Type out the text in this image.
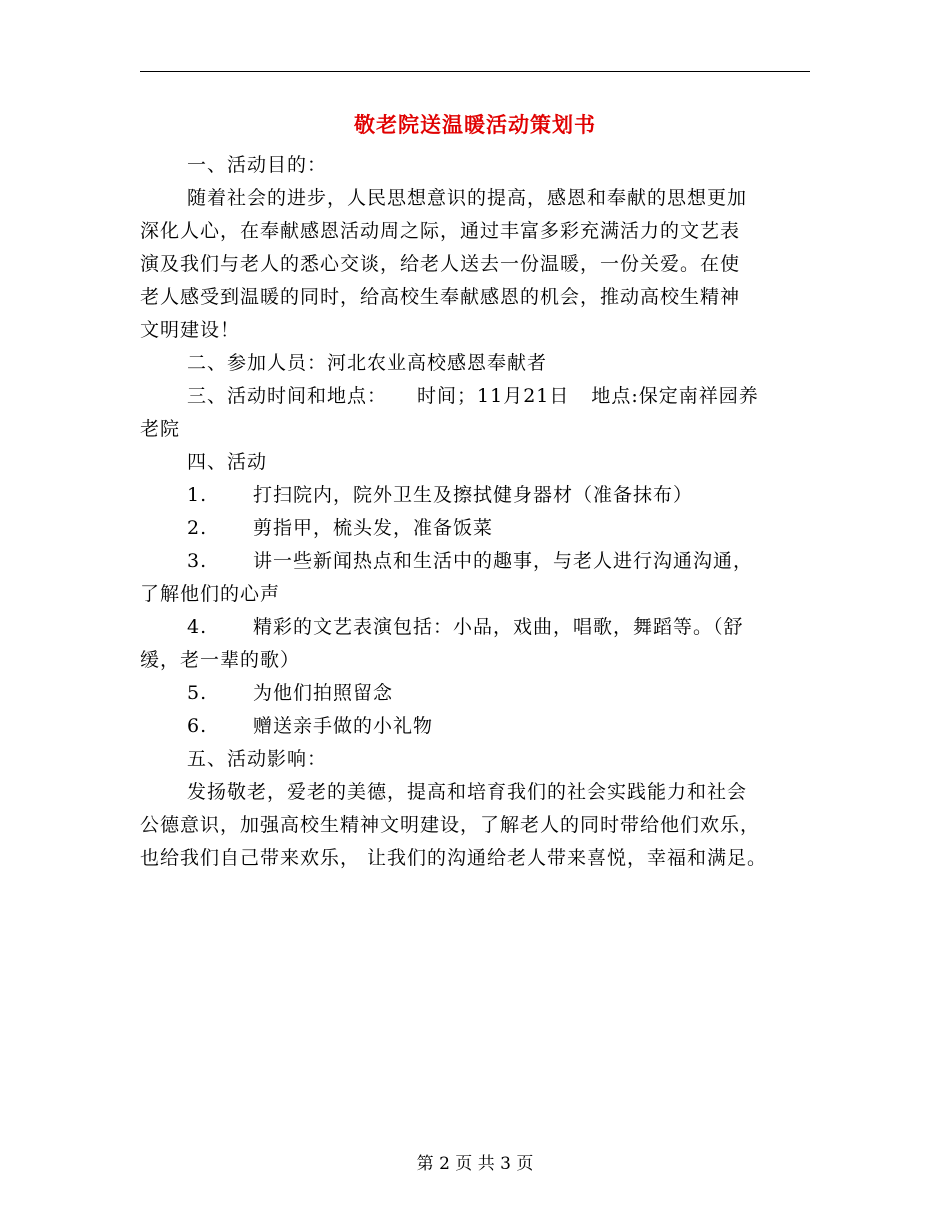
敬老院送温暖活动策划书

一、活动目的：

随着社会的进步，人民思想意识的提高，感恩和奉献的思想更加
深化人心，在奉献感恩活动周之际，通过丰富多彩充满活力的文艺表
演及我们与老人的悉心交谈，给老人送去一份温暖，一份关爱。在使
老人感受到温暖的同时，给高校生奉献感恩的机会，推动高校生精神
文明建设！

二、参加人员：河北农业高校感恩奉献者

三、活动时间和地点： 时间；11月21日 地点:保定南祥园养
老院

四、活动

1. 打扫院内，院外卫生及擦拭健身器材（准备抹布）

2. 剪指甲，梳头发，准备饭菜

3. 讲一些新闻热点和生活中的趣事，与老人进行沟通沟通，
了解他们的心声

4. 精彩的文艺表演包括：小品，戏曲，唱歌，舞蹈等。（舒
缓，老一辈的歌）

5. 为他们拍照留念

6. 赠送亲手做的小礼物

五、活动影响：

发扬敬老，爱老的美德，提高和培育我们的社会实践能力和社会
公德意识，加强高校生精神文明建设，了解老人的同时带给他们欢乐，
也给我们自己带来欢乐， 让我们的沟通给老人带来喜悦，幸福和满足。

第 2 页 共 3 页
